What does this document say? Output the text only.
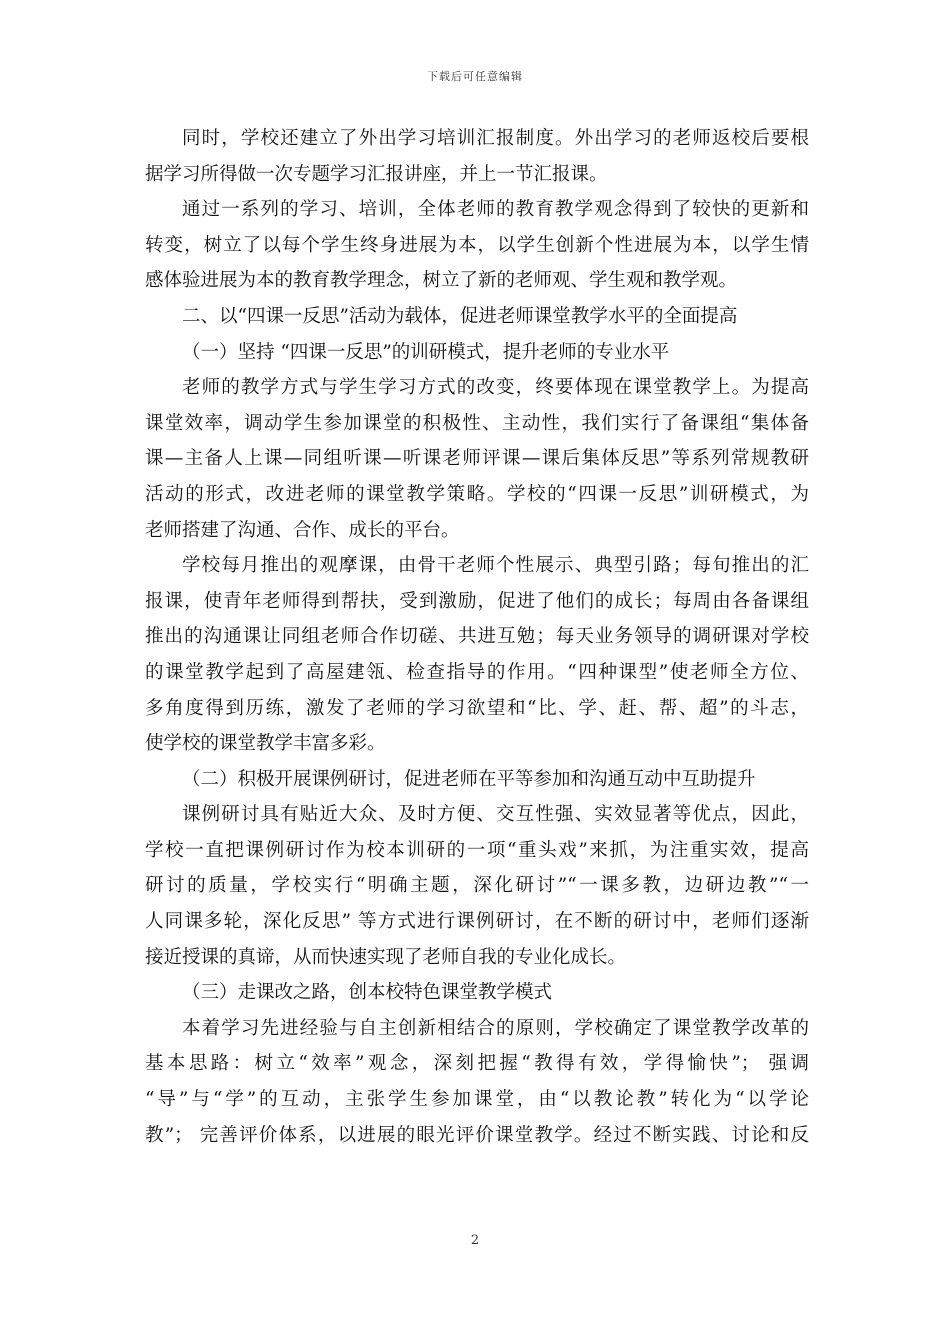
下载后可任意编辑
同时，学校还建立了外出学习培训汇报制度。外出学习的老师返校后要根
据学习所得做一次专题学习汇报讲座，并上一节汇报课。
通过一系列的学习、培训，全体老师的教育教学观念得到了较快的更新和
转变，树立了以每个学生终身进展为本，以学生创新个性进展为本，以学生情
感体验进展为本的教育教学理念，树立了新的老师观、学生观和教学观。
二、以“四课一反思”活动为载体，促进老师课堂教学水平的全面提高
（一）坚持 “四课一反思”的训研模式，提升老师的专业水平
老师的教学方式与学生学习方式的改变，终要体现在课堂教学上。为提高
课堂效率，调动学生参加课堂的积极性、主动性，我们实行了备课组“集体备
课—主备人上课—同组听课—听课老师评课—课后集体反思”等系列常规教研
活动的形式，改进老师的课堂教学策略。学校的“四课一反思”训研模式，为
老师搭建了沟通、合作、成长的平台。
学校每月推出的观摩课，由骨干老师个性展示、典型引路；每旬推出的汇
报课，使青年老师得到帮扶，受到激励，促进了他们的成长；每周由各备课组
推出的沟通课让同组老师合作切磋、共进互勉；每天业务领导的调研课对学校
的课堂教学起到了高屋建瓴、检查指导的作用。“四种课型”使老师全方位、
多角度得到历练，激发了老师的学习欲望和“比、学、赶、帮、超”的斗志，
使学校的课堂教学丰富多彩。
（二）积极开展课例研讨，促进老师在平等参加和沟通互动中互助提升
课例研讨具有贴近大众、及时方便、交互性强、实效显著等优点，因此，
学校一直把课例研讨作为校本训研的一项“重头戏”来抓，为注重实效，提高
研讨的质量，学校实行“明确主题，深化研讨”“一课多教，边研边教”“一
人同课多轮，深化反思” 等方式进行课例研讨，在不断的研讨中，老师们逐渐
接近授课的真谛，从而快速实现了老师自我的专业化成长。
（三）走课改之路，创本校特色课堂教学模式
本着学习先进经验与自主创新相结合的原则，学校确定了课堂教学改革的
基本思路：树立“效率”观念，深刻把握“教得有效，学得愉快”； 强调
“导”与“学”的互动，主张学生参加课堂，由“以教论教”转化为“以学论
教”； 完善评价体系，以进展的眼光评价课堂教学。经过不断实践、讨论和反
2
